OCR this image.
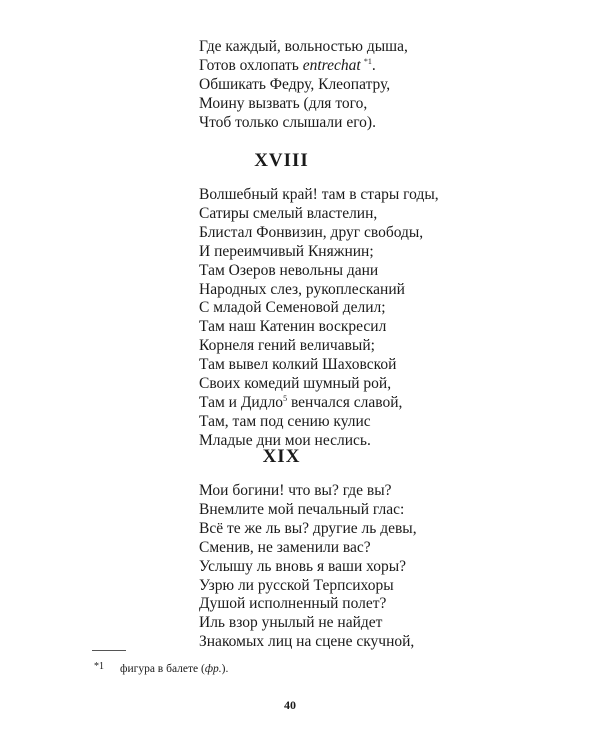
Где каждый, вольностью дыша,
Готов охлопать entrechat  $^{*1}$.
Обшикать Федру, Клеопатру,
Моину вызвать (для того,
Чтоб только слышали его).
XVIII
Волшебный край! там в стары годы,
Сатиры смелый властелин,
Блистал Фонвизин, друг свободы,
И переимчивый Княжнин;
Там Озеров невольны дани
Народных слез, рукоплесканий
С младой Семеновой делил;
Там наш Катенин воскресил
Корнеля гений величавый;
Там вывел колкий Шаховской
Своих комедий шумный рой,
Там и Дидло$^5$ венчался славой,
Там, там под сению кулис
Младые дни мои неслись.
XIX
Мои богини! что вы? где вы?
Внемлите мой печальный глас:
Всё те же ль вы? другие ль девы,
Сменив, не заменили вас?
Услышу ль вновь я ваши хоры?
Узрю ли русской Терпсихоры
Душой исполненный полет?
Иль взор унылый не найдет
Знакомых лиц на сцене скучной,
*1 фигура в балете (фр.).
40
